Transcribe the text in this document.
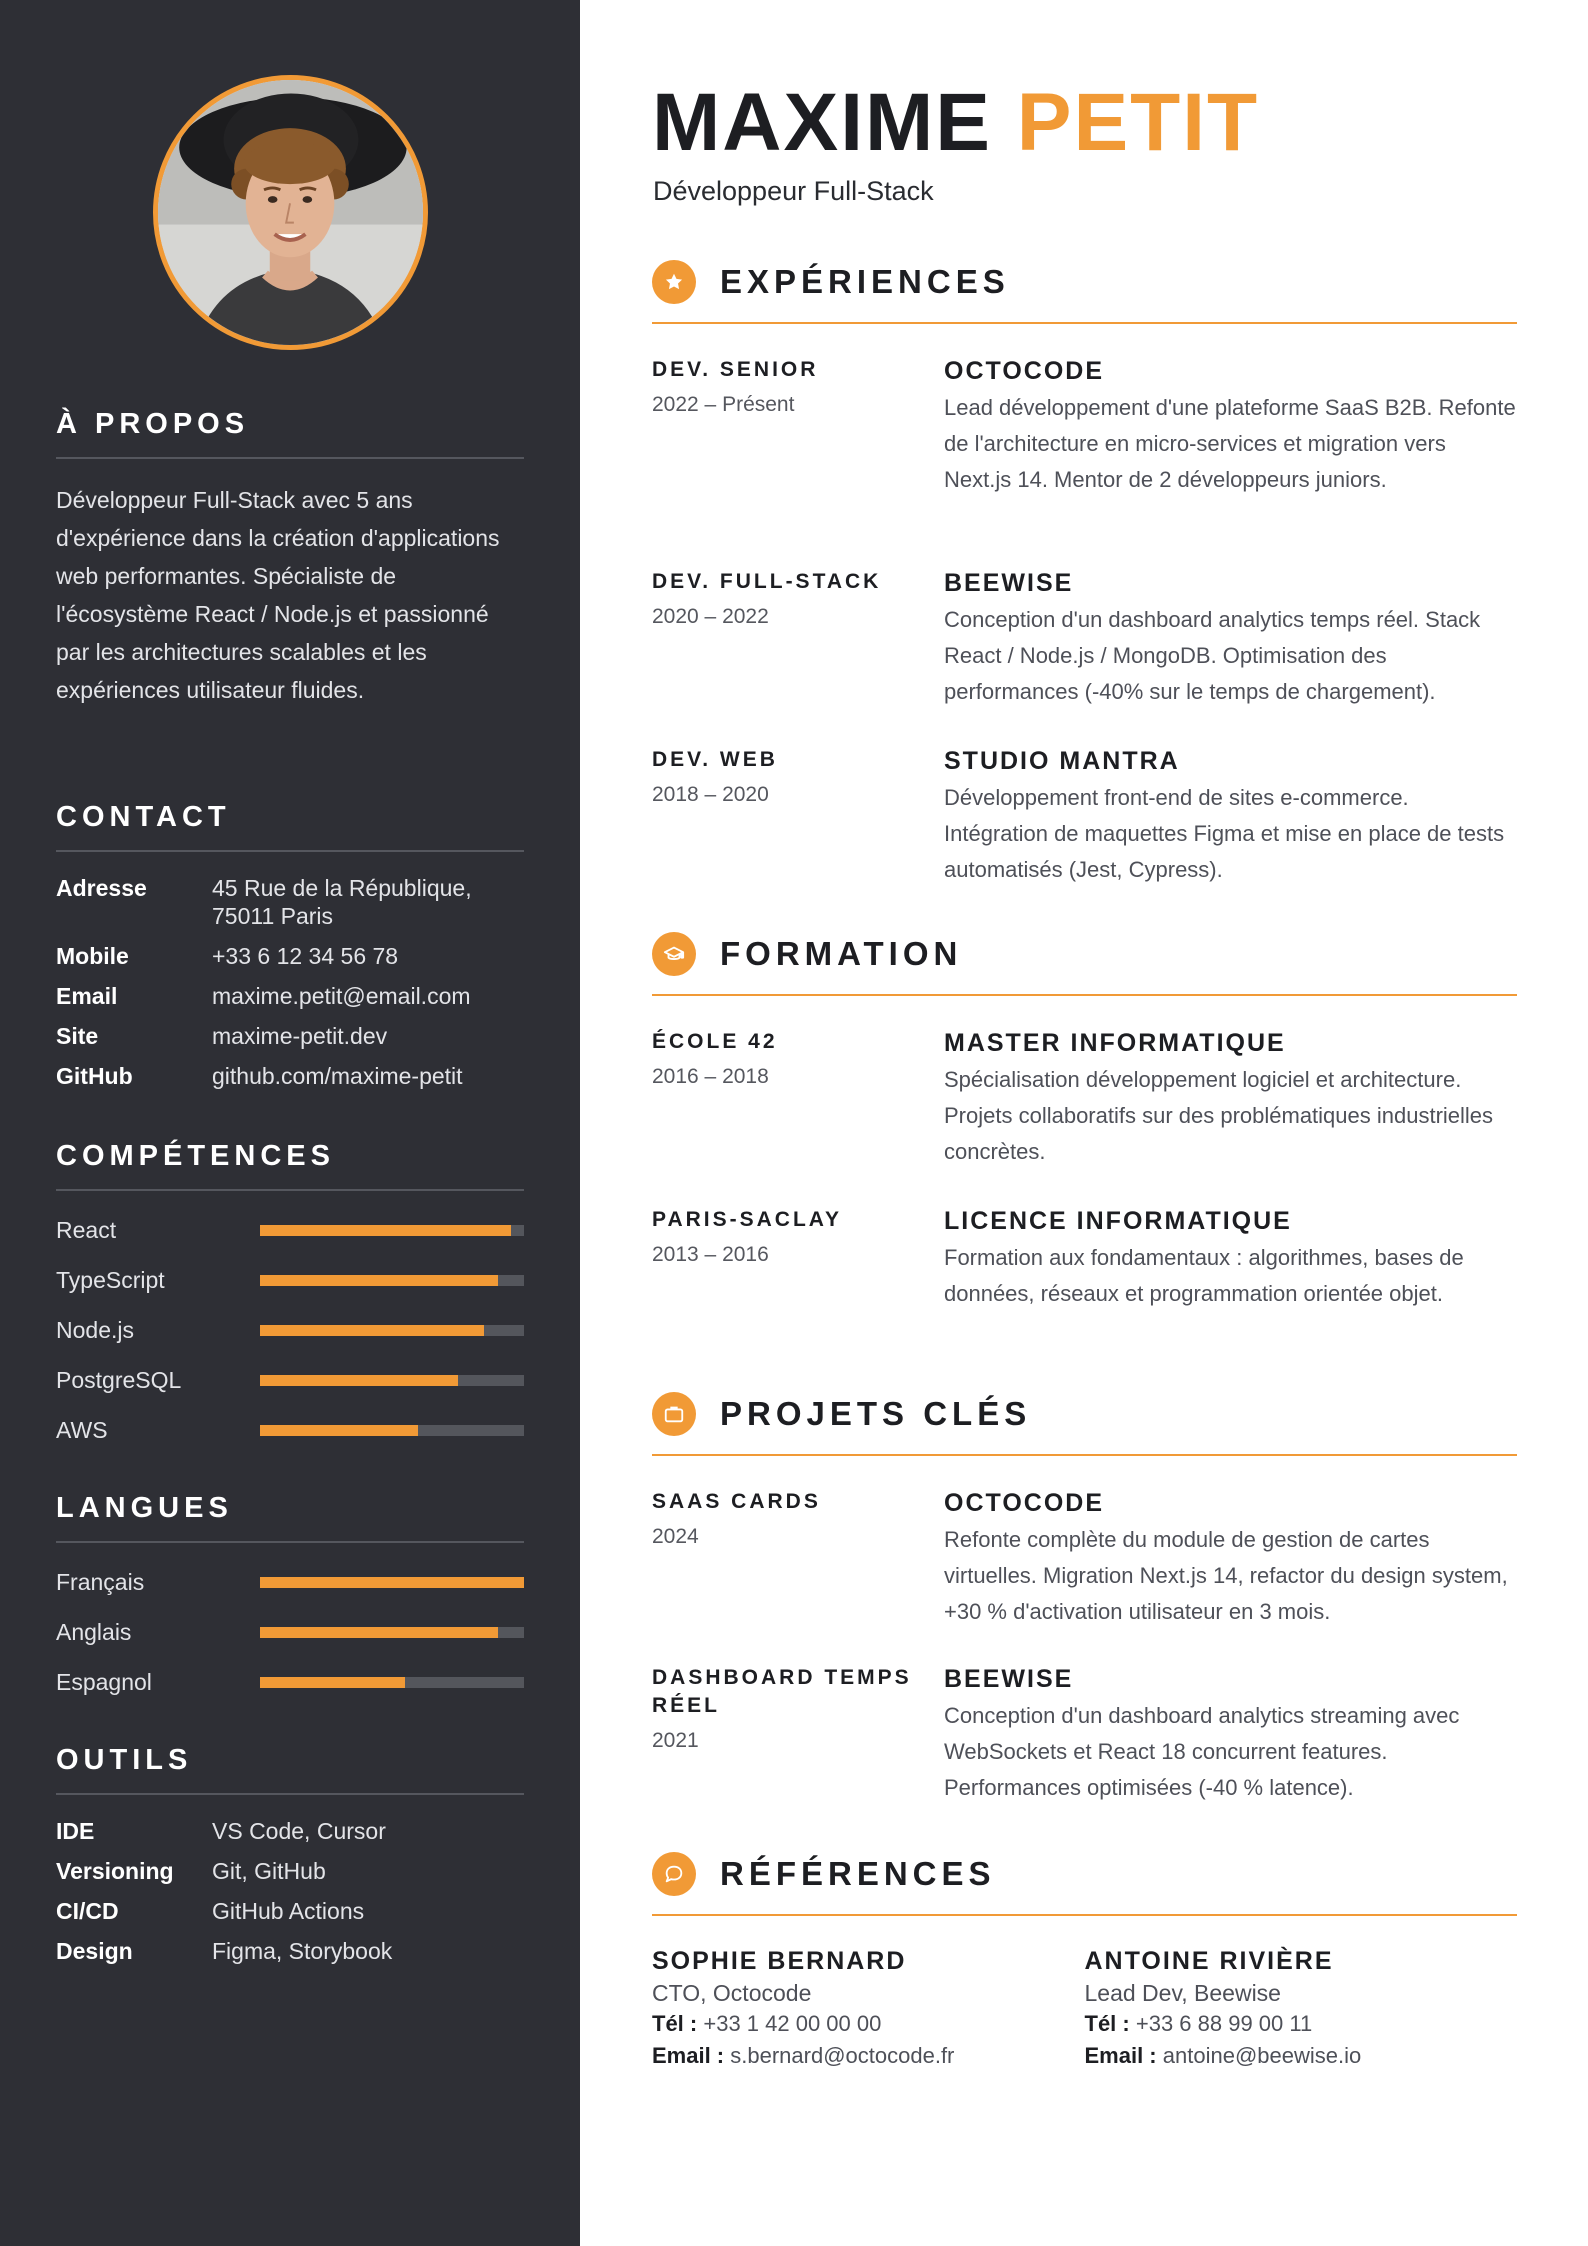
À PROPOS

Développeur Full-Stack avec 5 ans d'expérience dans la création d'applications web performantes. Spécialiste de l'écosystème React / Node.js et passionné par les architectures scalables et les expériences utilisateur fluides.

CONTACT
Adresse	45 Rue de la République,
75011 Paris
Mobile	+33 6 12 34 56 78
Email	maxime.petit@email.com
Site	maxime-petit.dev
GitHub	github.com/maxime-petit
COMPÉTENCES
React
TypeScript
Node.js
PostgreSQL
AWS
LANGUES
Français
Anglais
Espagnol
OUTILS
IDE	VS Code, Cursor
Versioning	Git, GitHub
CI/CD	GitHub Actions
Design	Figma, Storybook
MAXIME PETIT
Développeur Full-Stack
EXPÉRIENCES
DEV. SENIOR
2022 – Présent
OCTOCODE
Lead développement d'une plateforme SaaS B2B. Refonte de l'architecture en micro-services et migration vers Next.js 14. Mentor de 2 développeurs juniors.
DEV. FULL-STACK
2020 – 2022
BEEWISE
Conception d'un dashboard analytics temps réel. Stack React / Node.js / MongoDB. Optimisation des performances (-40% sur le temps de chargement).
DEV. WEB
2018 – 2020
STUDIO MANTRA
Développement front-end de sites e-commerce. Intégration de maquettes Figma et mise en place de tests automatisés (Jest, Cypress).
FORMATION
ÉCOLE 42
2016 – 2018
MASTER INFORMATIQUE
Spécialisation développement logiciel et architecture. Projets collaboratifs sur des problématiques industrielles concrètes.
PARIS-SACLAY
2013 – 2016
LICENCE INFORMATIQUE
Formation aux fondamentaux : algorithmes, bases de données, réseaux et programmation orientée objet.
PROJETS CLÉS
SAAS CARDS
2024
OCTOCODE
Refonte complète du module de gestion de cartes virtuelles. Migration Next.js 14, refactor du design system, +30 % d'activation utilisateur en 3 mois.
DASHBOARD TEMPS RÉEL
2021
BEEWISE
Conception d'un dashboard analytics streaming avec WebSockets et React 18 concurrent features. Performances optimisées (-40 % latence).
RÉFÉRENCES
SOPHIE BERNARD
CTO, Octocode
Tél : +33 1 42 00 00 00
Email : s.bernard@octocode.fr
ANTOINE RIVIÈRE
Lead Dev, Beewise
Tél : +33 6 88 99 00 11
Email : antoine@beewise.io
